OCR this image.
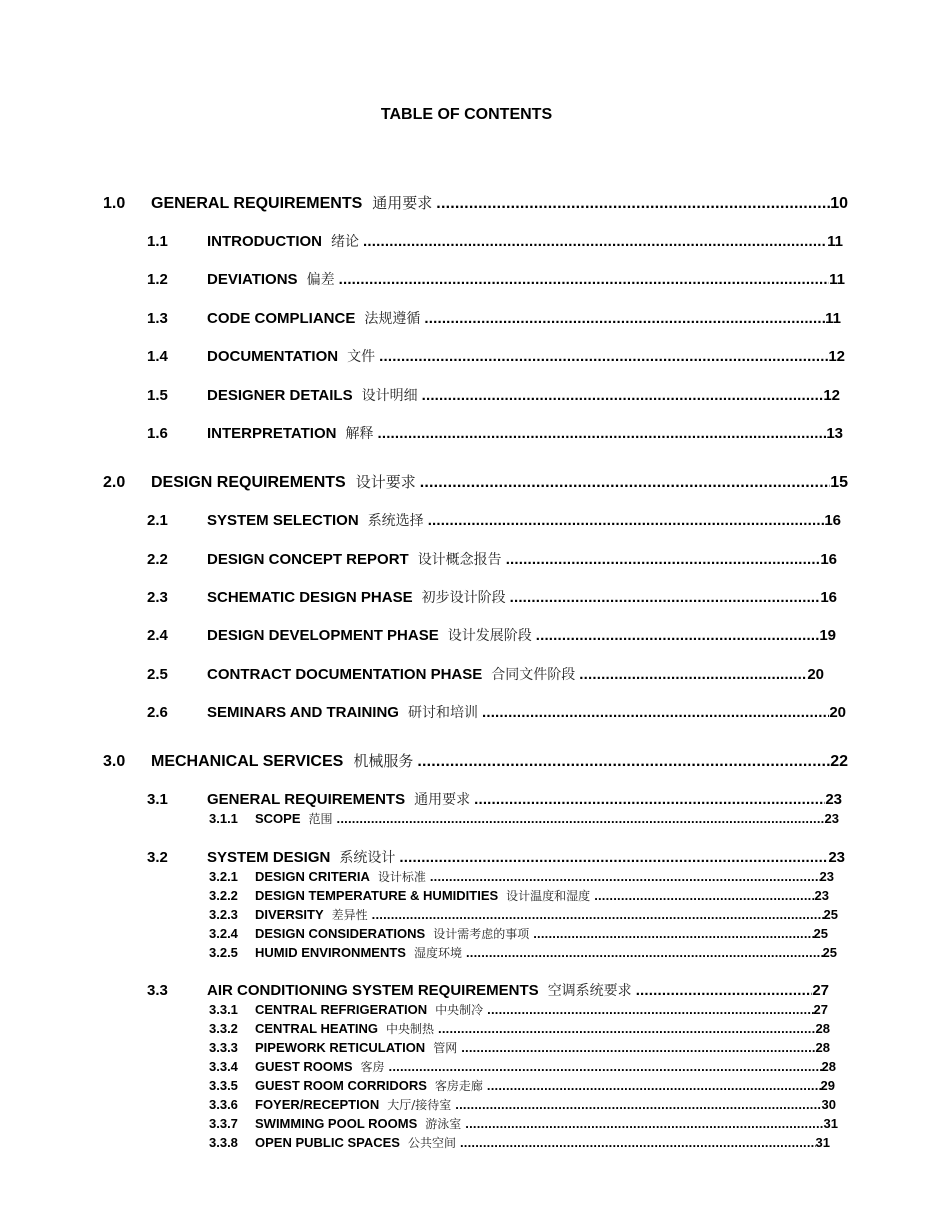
TABLE OF CONTENTS
1.0	GENERAL REQUIREMENTS 通用要求 .....	10
1.1	INTRODUCTION 绪论 .....	11
1.2	DEVIATIONS 偏差 .....	11
1.3	CODE COMPLIANCE 法规遵循 .....	11
1.4	DOCUMENTATION 文件 .....	12
1.5	DESIGNER DETAILS 设计明细 .....	12
1.6	INTERPRETATION 解释 .....	13
2.0	DESIGN REQUIREMENTS 设计要求 .....	15
2.1	SYSTEM SELECTION 系统选择 .....	16
2.2	DESIGN CONCEPT REPORT 设计概念报告 .....	16
2.3	SCHEMATIC DESIGN PHASE 初步设计阶段 .....	16
2.4	DESIGN DEVELOPMENT PHASE 设计发展阶段 .....	19
2.5	CONTRACT DOCUMENTATION PHASE 合同文件阶段 .....	20
2.6	SEMINARS AND TRAINING 研讨和培训 .....	20
3.0	MECHANICAL SERVICES 机械服务 .....	22
3.1	GENERAL REQUIREMENTS 通用要求 .....	23
3.1.1	SCOPE 范围 .....	23
3.2	SYSTEM DESIGN 系统设计 .....	23
3.2.1	DESIGN CRITERIA 设计标准 .....	23
3.2.2	DESIGN TEMPERATURE & HUMIDITIES 设计温度和湿度 .....	23
3.2.3	DIVERSITY 差异性 .....	25
3.2.4	DESIGN CONSIDERATIONS 设计需考虑的事项 .....	25
3.2.5	HUMID ENVIRONMENTS 湿度环境 .....	25
3.3	AIR CONDITIONING SYSTEM REQUIREMENTS 空调系统要求 .....	27
3.3.1	CENTRAL REFRIGERATION 中央制冷 .....	27
3.3.2	CENTRAL HEATING 中央制热 .....	28
3.3.3	PIPEWORK RETICULATION 管网 .....	28
3.3.4	GUEST ROOMS 客房 .....	28
3.3.5	GUEST ROOM CORRIDORS 客房走廊 .....	29
3.3.6	FOYER/RECEPTION 大厅/接待室 .....	30
3.3.7	SWIMMING POOL ROOMS 游泳室 .....	31
3.3.8	OPEN PUBLIC SPACES 公共空间 .....	31
